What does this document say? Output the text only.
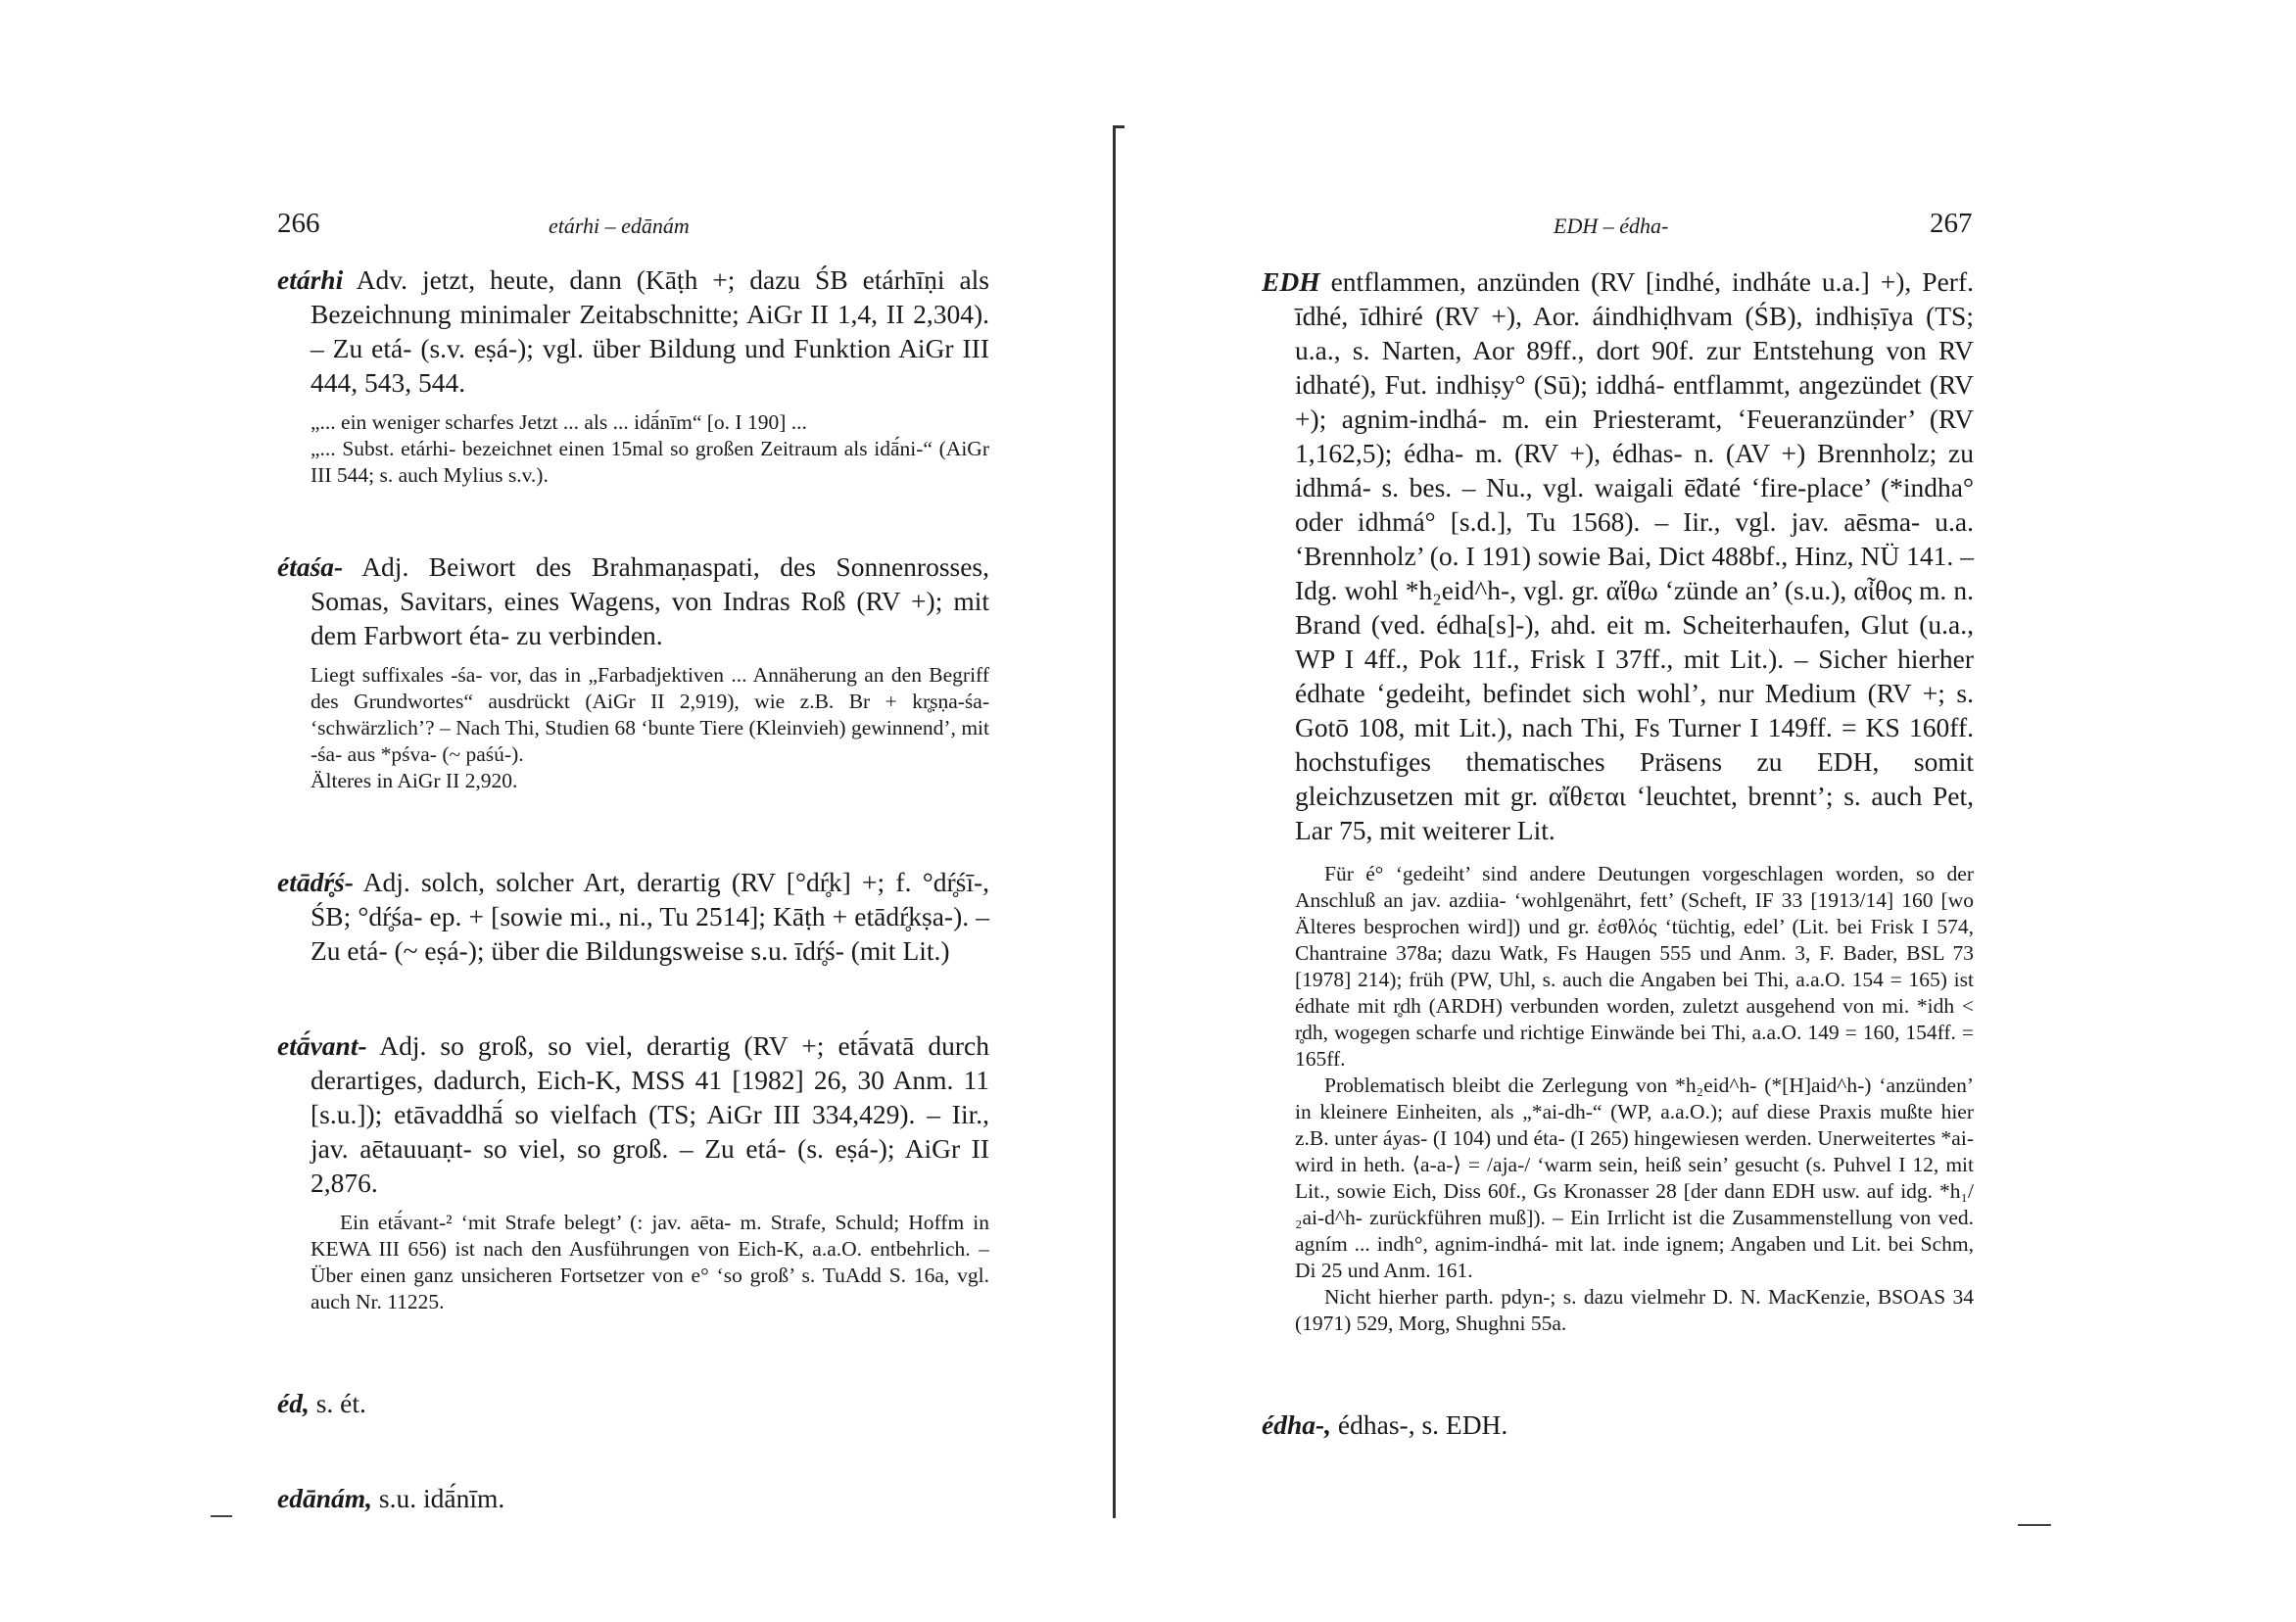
266	etárhi – edānám
etárhi Adv. jetzt, heute, dann (Kāṭh +; dazu ŚB etárhīṇi als Bezeichnung minimaler Zeitabschnitte; AiGr II 1,4, II 2,304). – Zu etá- (s.v. eṣá-); vgl. über Bildung und Funktion AiGr III 444, 543, 544.

„... ein weniger scharfes Jetzt ... als ... idā́nīm“ [o. I 190] ...

„... Subst. etárhi- bezeichnet einen 15mal so großen Zeitraum als idā́ni-“ (AiGr III 544; s. auch Mylius s.v.).

étaśa- Adj. Beiwort des Brahmaṇaspati, des Sonnenrosses, Somas, Savitars, eines Wagens, von Indras Roß (RV +); mit dem Farbwort éta- zu verbinden.

Liegt suffixales -śa- vor, das in „Farbadjektiven ... Annäherung an den Begriff des Grundwortes“ ausdrückt (AiGr II 2,919), wie z.B. Br + kr̥ṣṇa-śa- ‘schwärzlich’? – Nach Thi, Studien 68 ‘bunte Tiere (Kleinvieh) gewinnend’, mit -śa- aus *pśva- (~ paśú-).

Älteres in AiGr II 2,920.

etādŕ̥ś- Adj. solch, solcher Art, derartig (RV [°dŕ̥k] +; f. °dŕ̥śī-, ŚB; °dŕ̥śa- ep. + [sowie mi., ni., Tu 2514]; Kāṭh + etādŕ̥kṣa-). – Zu etá- (~ eṣá-); über die Bildungsweise s.u. īdŕ̥ś- (mit Lit.)
etā́vant- Adj. so groß, so viel, derartig (RV +; etā́vatā durch derartiges, dadurch, Eich-K, MSS 41 [1982] 26, 30 Anm. 11 [s.u.]); etāvaddhā́ so vielfach (TS; AiGr III 334,429). – Iir., jav. aētauuaṇt- so viel, so groß. – Zu etá- (s. eṣá-); AiGr II 2,876.

Ein etā́vant-² ‘mit Strafe belegt’ (: jav. aēta- m. Strafe, Schuld; Hoffm in KEWA III 656) ist nach den Ausführungen von Eich-K, a.a.O. entbehrlich. – Über einen ganz unsicheren Fortsetzer von e° ‘so groß’ s. TuAdd S. 16a, vgl. auch Nr. 11225.

éd, s. ét.
edānám, s.u. idā́nīm.
EDH – édha-	267
EDH entflammen, anzünden (RV [indhé, indháte u.a.] +), Perf. īdhé, īdhiré (RV +), Aor. áindhiḍhvam (ŚB), indhiṣīya (TS; u.a., s. Narten, Aor 89ff., dort 90f. zur Entstehung von RV idhaté), Fut. indhiṣy° (Sū); iddhá- entflammt, angezündet (RV +); agnim-indhá- m. ein Priesteramt, ‘Feueranzünder’ (RV 1,162,5); édha- m. (RV +), édhas- n. (AV +) Brennholz; zu idhmá- s. bes. – Nu., vgl. waigali ē̃daté ‘fire-place’ (*indha° oder idhmá° [s.d.], Tu 1568). – Iir., vgl. jav. aēsma- u.a. ‘Brennholz’ (o. I 191) sowie Bai, Dict 488bf., Hinz, NÜ 141. – Idg. wohl *h₂eid^h-, vgl. gr. αἴθω ‘zünde an’ (s.u.), αἶθος m. n. Brand (ved. édha[s]-), ahd. eit m. Scheiterhaufen, Glut (u.a., WP I 4ff., Pok 11f., Frisk I 37ff., mit Lit.). – Sicher hierher édhate ‘gedeiht, befindet sich wohl’, nur Medium (RV +; s. Gotō 108, mit Lit.), nach Thi, Fs Turner I 149ff. = KS 160ff. hochstufiges thematisches Präsens zu EDH, somit gleichzusetzen mit gr. αἴθεται ‘leuchtet, brennt’; s. auch Pet, Lar 75, mit weiterer Lit.

Für é° ‘gedeiht’ sind andere Deutungen vorgeschlagen worden, so der Anschluß an jav. azdiia- ‘wohlgenährt, fett’ (Scheft, IF 33 [1913/14] 160 [wo Älteres besprochen wird]) und gr. ἐσθλός ‘tüchtig, edel’ (Lit. bei Frisk I 574, Chantraine 378a; dazu Watk, Fs Haugen 555 und Anm. 3, F. Bader, BSL 73 [1978] 214); früh (PW, Uhl, s. auch die Angaben bei Thi, a.a.O. 154 = 165) ist édhate mit r̥dh (ARDH) verbunden worden, zuletzt ausgehend von mi. *idh < r̥dh, wogegen scharfe und richtige Einwände bei Thi, a.a.O. 149 = 160, 154ff. = 165ff.

Problematisch bleibt die Zerlegung von *h₂eid^h- (*[H]aid^h-) ‘anzünden’ in kleinere Einheiten, als „*ai-dh-“ (WP, a.a.O.); auf diese Praxis mußte hier z.B. unter áyas- (I 104) und éta- (I 265) hingewiesen werden. Unerweitertes *ai- wird in heth. ⟨a-a-⟩ = /aja-/ ‘warm sein, heiß sein’ gesucht (s. Puhvel I 12, mit Lit., sowie Eich, Diss 60f., Gs Kronasser 28 [der dann EDH usw. auf idg. *h₁/₂ai-d^h- zurückführen muß]). – Ein Irrlicht ist die Zusammenstellung von ved. agním ... indh°, agnim-indhá- mit lat. inde ignem; Angaben und Lit. bei Schm, Di 25 und Anm. 161.

Nicht hierher parth. pdyn-; s. dazu vielmehr D. N. MacKenzie, BSOAS 34 (1971) 529, Morg, Shughni 55a.

édha-, édhas-, s. EDH.
